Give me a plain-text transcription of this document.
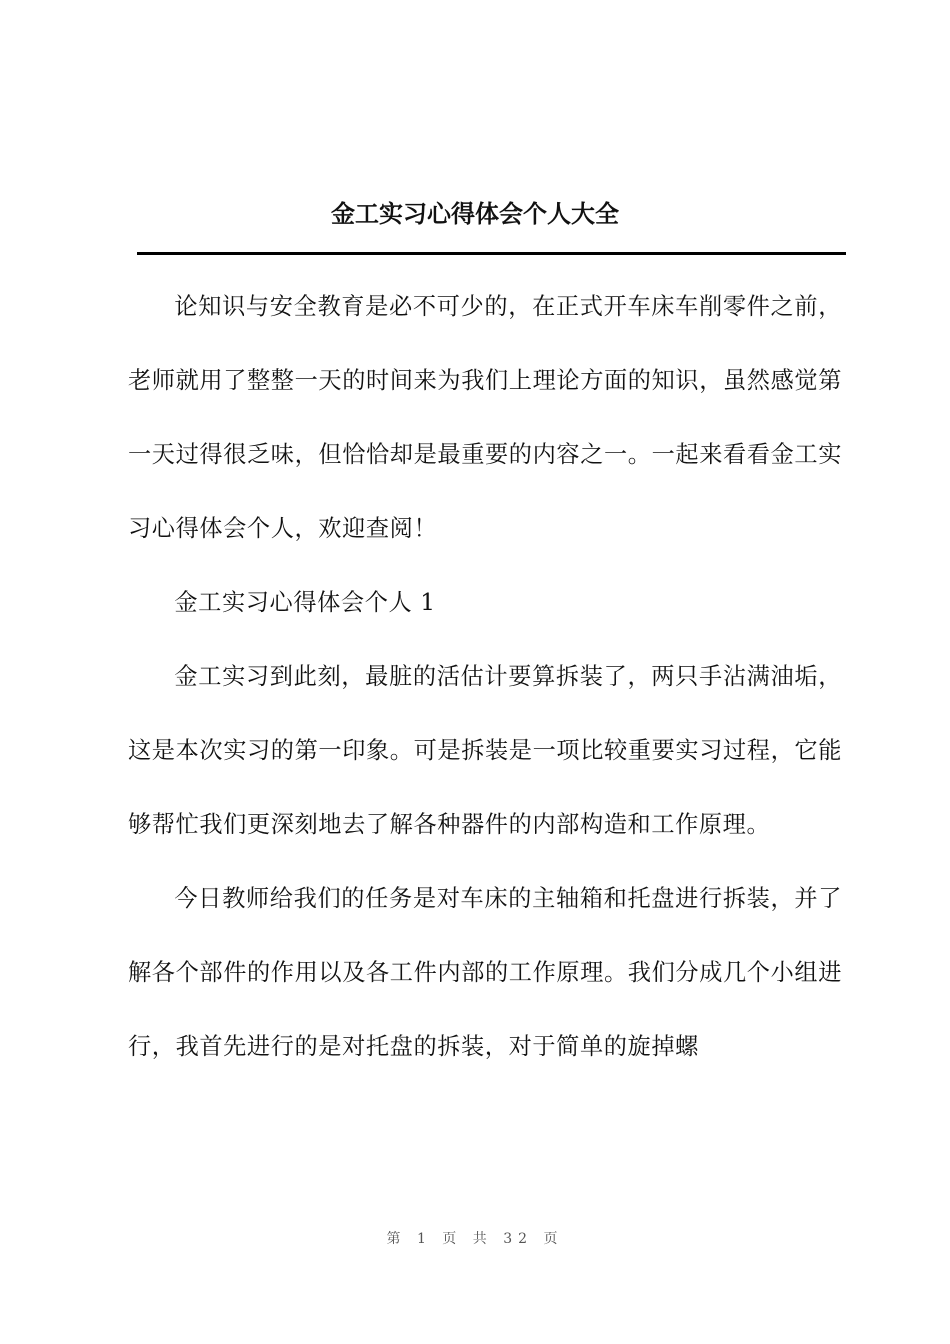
金工实习心得体会个人大全

论知识与安全教育是必不可少的，在正式开车床车削零件之前，老师就用了整整一天的时间来为我们上理论方面的知识，虽然感觉第一天过得很乏味，但恰恰却是最重要的内容之一。一起来看看金工实习心得体会个人，欢迎查阅！

金工实习心得体会个人 1

金工实习到此刻，最脏的活估计要算拆装了，两只手沾满油垢，这是本次实习的第一印象。可是拆装是一项比较重要实习过程，它能够帮忙我们更深刻地去了解各种器件的内部构造和工作原理。

今日教师给我们的任务是对车床的主轴箱和托盘进行拆装，并了解各个部件的作用以及各工件内部的工作原理。我们分成几个小组进行，我首先进行的是对托盘的拆装，对于简单的旋掉螺

第 1 页 共 32 页
